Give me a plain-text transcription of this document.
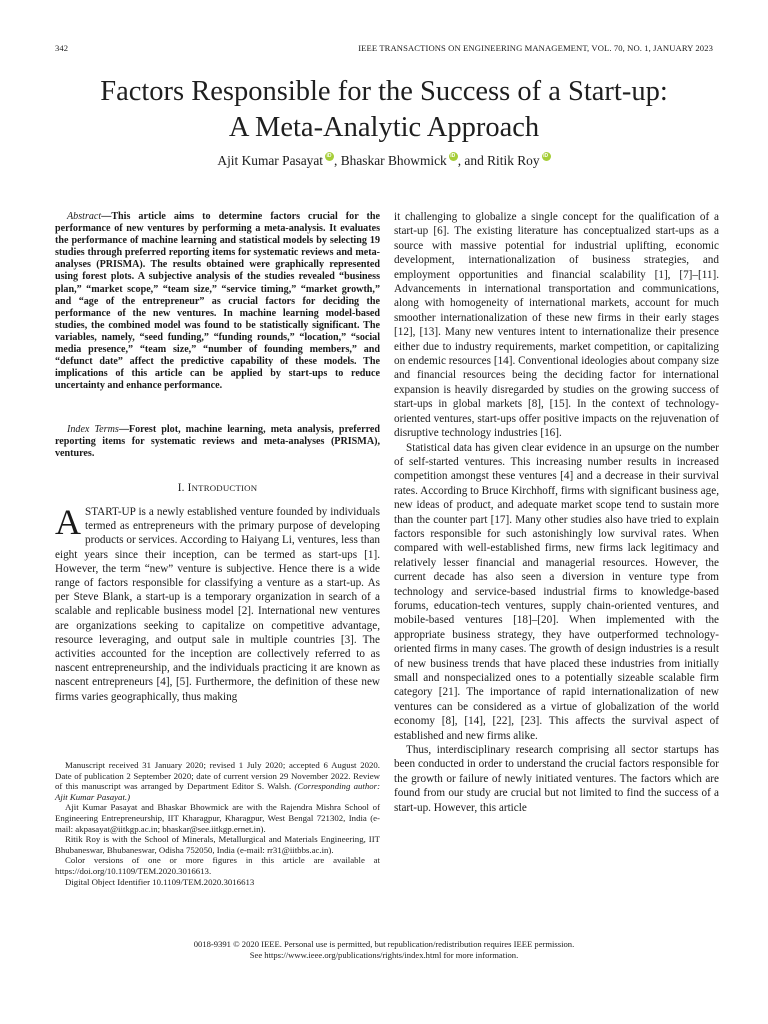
342	IEEE TRANSACTIONS ON ENGINEERING MANAGEMENT, VOL. 70, NO. 1, JANUARY 2023
Factors Responsible for the Success of a Start-up:
A Meta-Analytic Approach
Ajit Kumar Pasayat iD , Bhaskar Bhowmick iD , and Ritik RoyiD
Abstract—This article aims to determine factors crucial for the performance of new ventures by performing a meta-analysis. It evaluates the performance of machine learning and statistical models by selecting 19 studies through preferred reporting items for systematic reviews and meta-analyses (PRISMA). The results obtained were graphically represented using forest plots. A subjective analysis of the studies revealed “business plan,” “market scope,” “team size,” “service timing,” “market growth,” and “age of the entrepreneur” as crucial factors for deciding the performance of the new ventures. In machine learning model-based studies, the combined model was found to be statistically significant. The variables, namely, “seed funding,” “funding rounds,” “location,” “social media presence,” “team size,” “number of founding members,” and “defunct date” affect the predictive capability of these models. The implications of this article can be applied by start-ups to reduce uncertainty and enhance performance.
Index Terms—Forest plot, machine learning, meta analysis, preferred reporting items for systematic reviews and meta-analyses (PRISMA), ventures.
I. INTRODUCTION
ASTART-UP is a newly established venture founded by individuals termed as entrepreneurs with the primary purpose of developing products or services. According to Haiyang Li, ventures, less than eight years since their inception, can be termed as start-ups [1]. However, the term “new” venture is subjective. Hence there is a wide range of factors responsible for classifying a venture as a start-up. As per Steve Blank, a start-up is a temporary organization in search of a scalable and replicable business model [2]. International new ventures are organizations seeking to capitalize on competitive advantage, resource leveraging, and output sale in multiple countries [3]. The activities accounted for the inception are collectively referred to as nascent entrepreneurship, and the individuals practicing it are known as nascent entrepreneurs [4], [5]. Furthermore, the definition of these new firms varies geographically, thus making

Manuscript received 31 January 2020; revised 1 July 2020; accepted 6 August 2020. Date of publication 2 September 2020; date of current version 29 November 2022. Review of this manuscript was arranged by Department Editor S. Walsh. (Corresponding author: Ajit Kumar Pasayat.)

Ajit Kumar Pasayat and Bhaskar Bhowmick are with the Rajendra Mishra School of Engineering Entrepreneurship, IIT Kharagpur, Kharagpur, West Bengal 721302, India (e-mail: akpasayat@iitkgp.ac.in; bhaskar@see.iitkgp.ernet.in).

Ritik Roy is with the School of Minerals, Metallurgical and Materials Engineering, IIT Bhubaneswar, Bhubaneswar, Odisha 752050, India (e-mail: rr31@iitbbs.ac.in).

Color versions of one or more figures in this article are available at https://doi.org/10.1109/TEM.2020.3016613.

Digital Object Identifier 10.1109/TEM.2020.3016613

it challenging to globalize a single concept for the qualification of a start-up [6]. The existing literature has conceptualized start-ups as a source with massive potential for industrial uplifting, economic development, internationalization of business strategies, and employment opportunities and financial scalability [1], [7]–[11]. Advancements in international transportation and communications, along with homogeneity of international markets, account for much smoother internationalization of these new firms in their early stages [12], [13]. Many new ventures intent to internationalize their presence either due to industry requirements, market competition, or capitalizing on endemic resources [14]. Conventional ideologies about company size and financial resources being the deciding factor for international expansion is heavily disregarded by studies on the growing success of start-ups in global markets [8], [15]. In the context of technology-oriented ventures, start-ups offer positive impacts on the rejuvenation of disruptive technology industries [16].

Statistical data has given clear evidence in an upsurge on the number of self-started ventures. This increasing number results in increased competition amongst these ventures [4] and a decrease in their survival rates. According to Bruce Kirchhoff, firms with significant business age, new ideas of product, and adequate market scope tend to sustain more than the counter part [17]. Many other studies also have tried to explain factors responsible for such astonishingly low survival rates. When compared with well-established firms, new firms lack legitimacy and relatively lesser financial and managerial resources. However, the current decade has also seen a diversion in venture type from technology and service-based industrial firms to knowledge-based forums, education-tech ventures, supply chain-oriented ventures, and mobile-based ventures [18]–[20]. When implemented with the appropriate business strategy, they have outperformed technology-oriented firms in many cases. The growth of design industries is a result of new business trends that have placed these industries from initially small and nonspecialized ones to a potentially sizeable scalable firm category [21]. The importance of rapid internationalization of new ventures can be considered as a virtue of globalization of the world economy [8], [14], [22], [23]. This affects the survival aspect of established and new firms alike.

Thus, interdisciplinary research comprising all sector startups has been conducted in order to understand the crucial factors responsible for the growth or failure of newly initiated ventures. The factors which are found from our study are crucial but not limited to find the success of a start-up. However, this article

0018-9391 © 2020 IEEE. Personal use is permitted, but republication/redistribution requires IEEE permission.
See https://www.ieee.org/publications/rights/index.html for more information.
